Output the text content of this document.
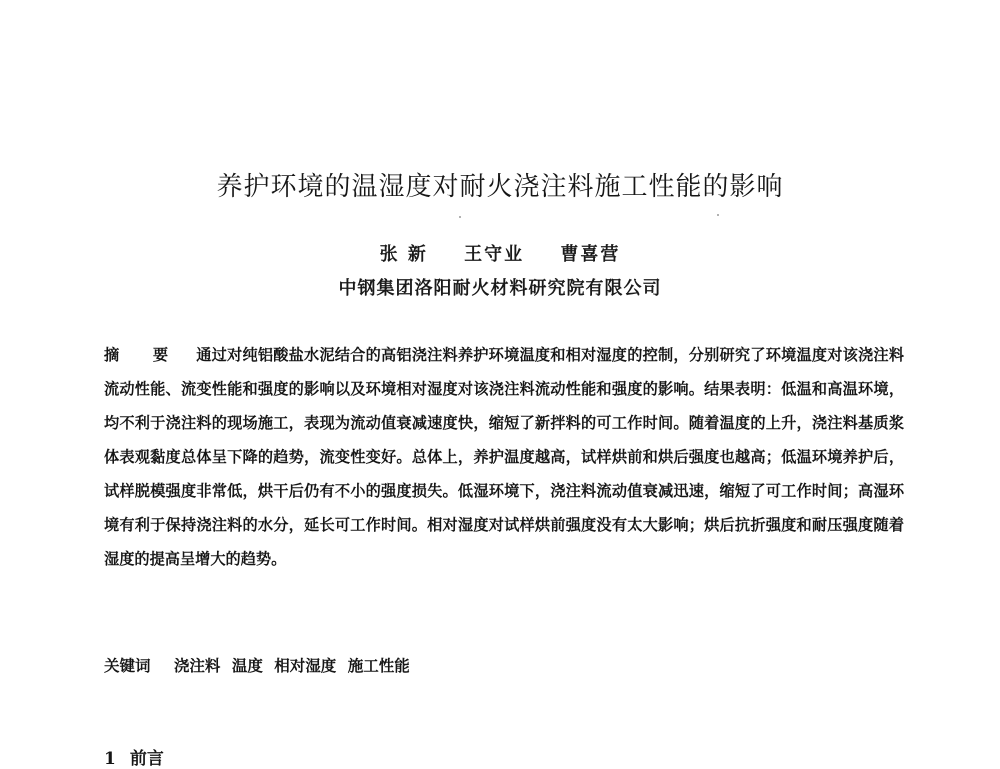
养护环境的温湿度对耐火浇注料施工性能的影响
张 新 王守业 曹喜营
中钢集团洛阳耐火材料研究院有限公司
摘 要 通过对纯铝酸盐水泥结合的高铝浇注料养护环境温度和相对湿度的控制，分别研究了环境温度对该浇注料流动性能、流变性能和强度的影响以及环境相对湿度对该浇注料流动性能和强度的影响。结果表明：低温和高温环境，均不利于浇注料的现场施工，表现为流动值衰减速度快，缩短了新拌料的可工作时间。随着温度的上升，浇注料基质浆体表观黏度总体呈下降的趋势，流变性变好。总体上，养护温度越高，试样烘前和烘后强度也越高；低温环境养护后，试样脱模强度非常低，烘干后仍有不小的强度损失。低湿环境下，浇注料流动值衰减迅速，缩短了可工作时间；高湿环境有利于保持浇注料的水分，延长可工作时间。相对湿度对试样烘前强度没有太大影响；烘后抗折强度和耐压强度随着湿度的提高呈增大的趋势。
关键词 浇注料 温度 相对湿度 施工性能
1 前言
